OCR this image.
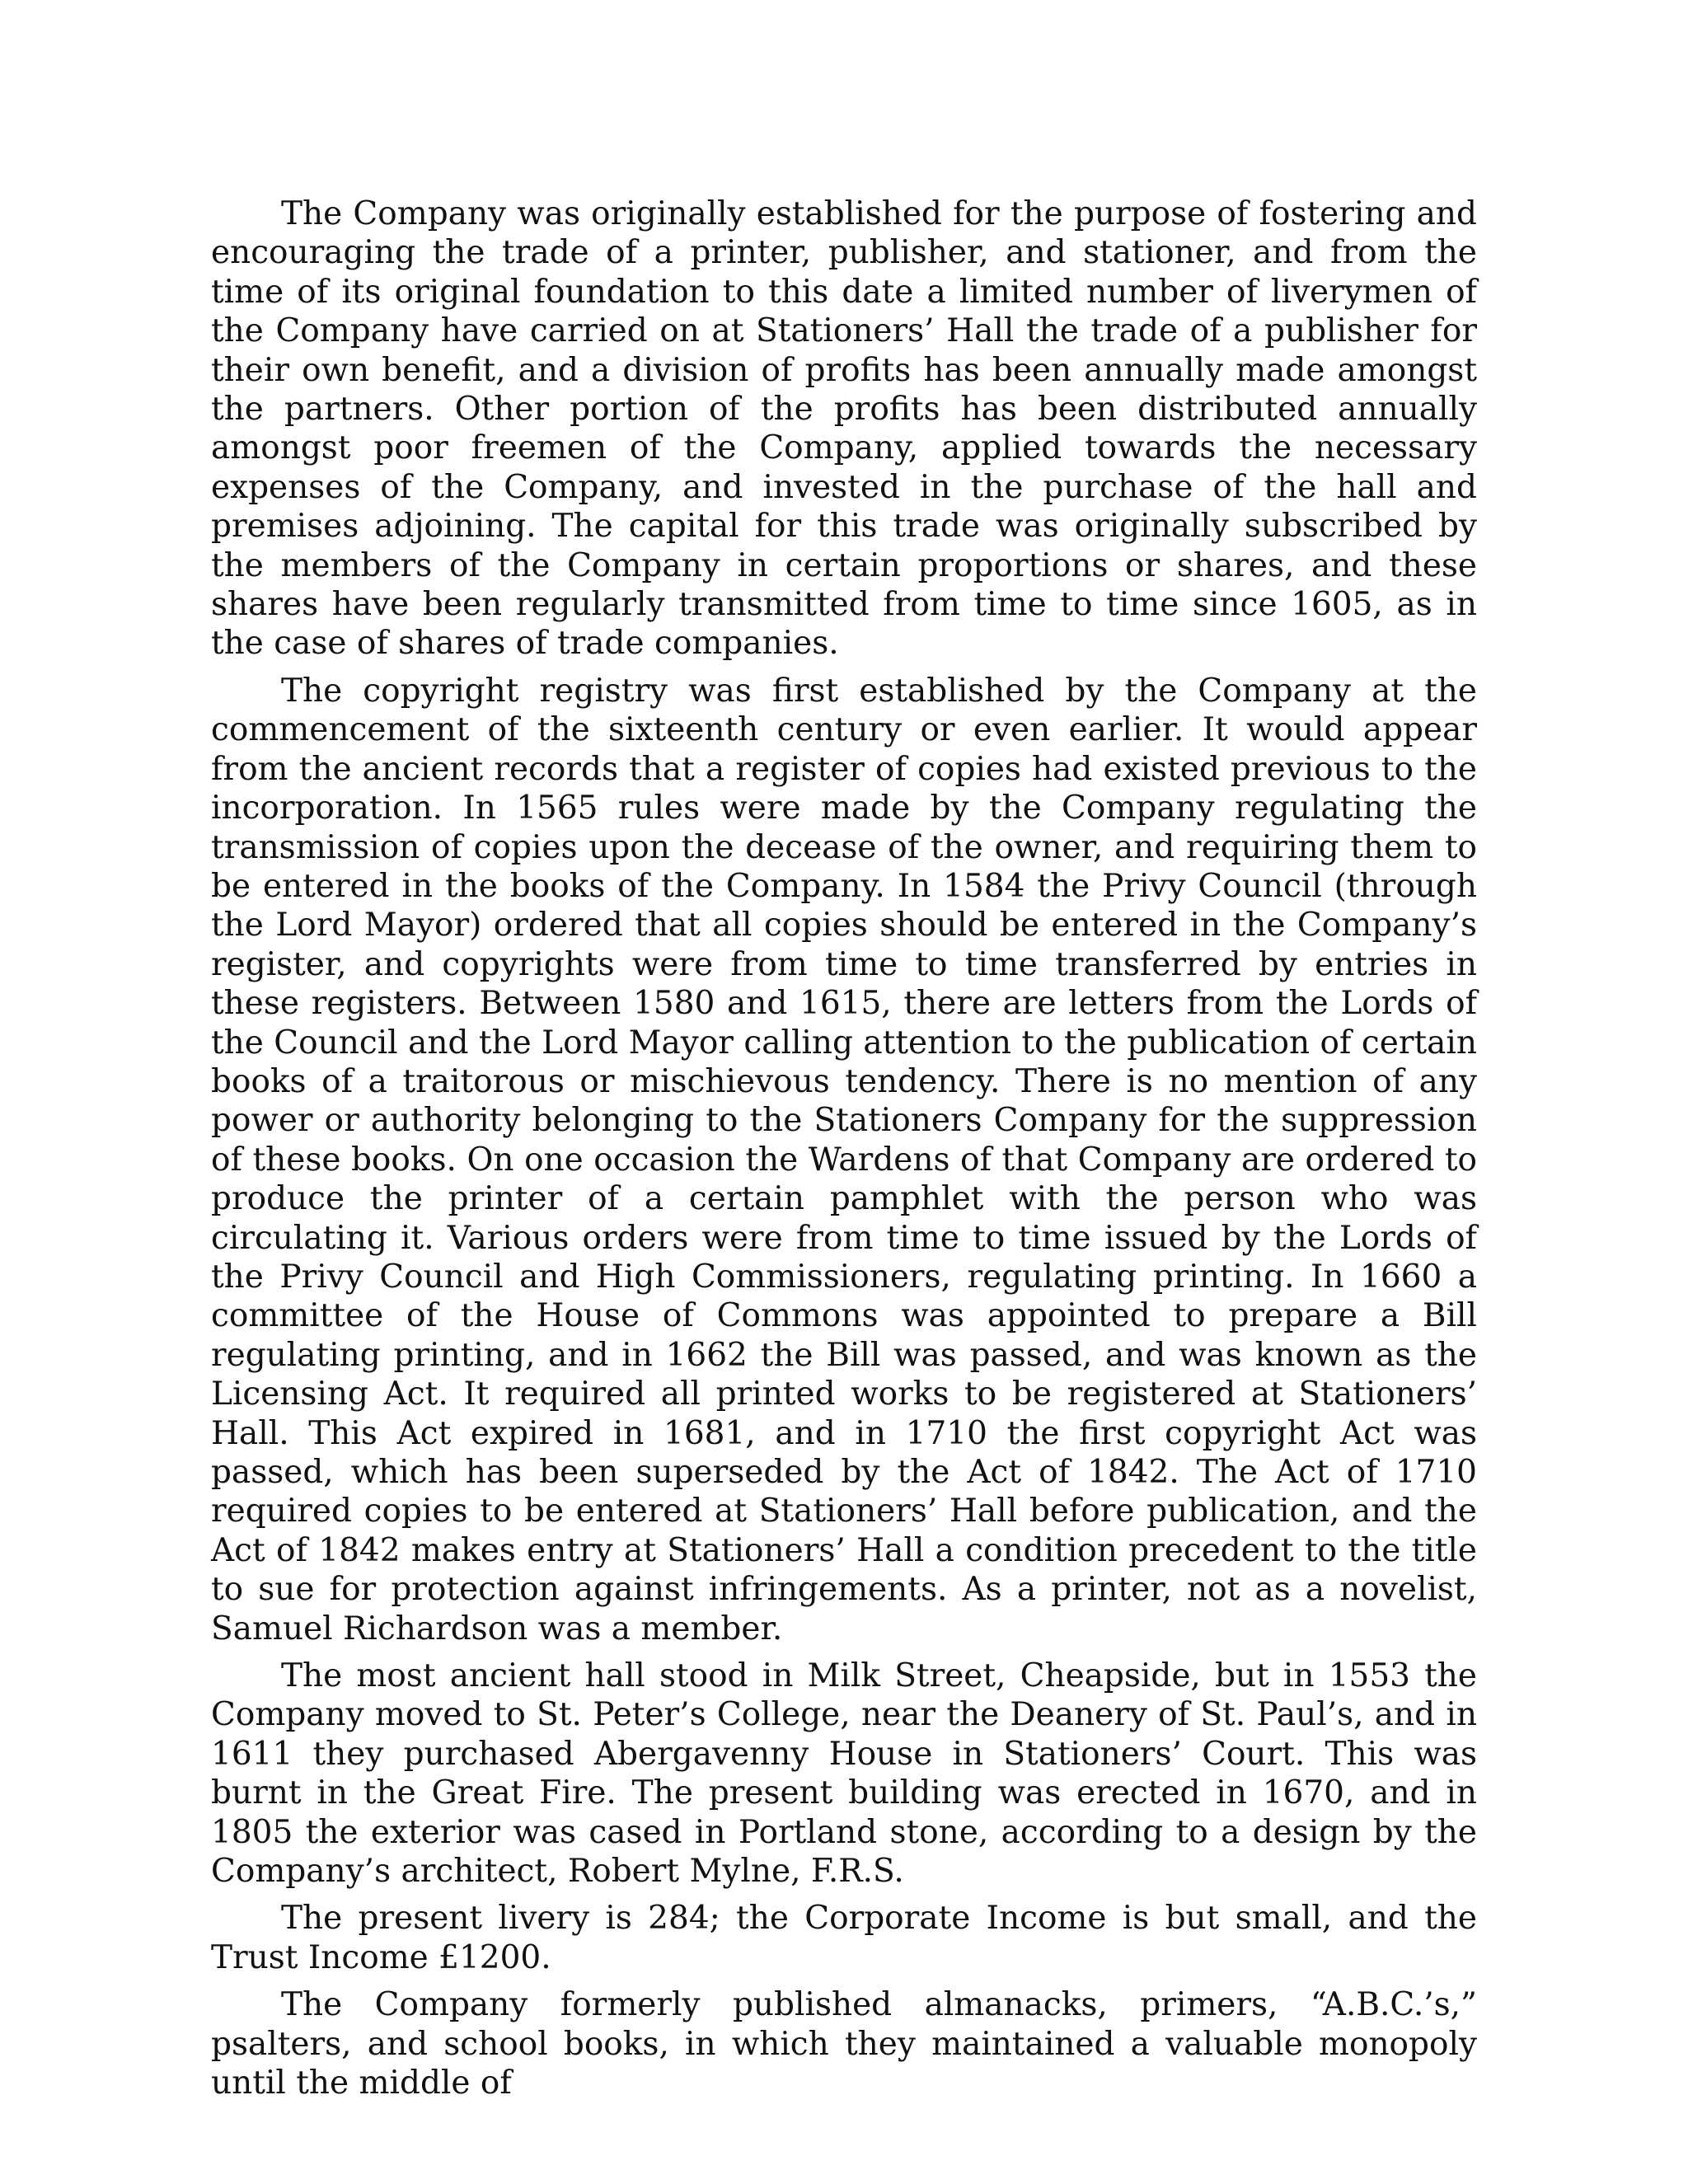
The Company was originally established for the purpose of fostering and encouraging the trade of a printer, publisher, and stationer, and from the time of its original foundation to this date a limited number of liverymen of the Company have carried on at Stationers’ Hall the trade of a publisher for their own benefit, and a division of profits has been annually made amongst the partners. Other portion of the profits has been distributed annually amongst poor freemen of the Company, applied towards the necessary expenses of the Company, and invested in the purchase of the hall and premises adjoining. The capital for this trade was originally subscribed by the members of the Company in certain proportions or shares, and these shares have been regularly transmitted from time to time since 1605, as in the case of shares of trade companies.

The copyright registry was first established by the Company at the commencement of the sixteenth century or even earlier. It would appear from the ancient records that a register of copies had existed previous to the incorporation. In 1565 rules were made by the Company regulating the transmission of copies upon the decease of the owner, and requiring them to be entered in the books of the Company. In 1584 the Privy Council (through the Lord Mayor) ordered that all copies should be entered in the Company’s register, and copyrights were from time to time transferred by entries in these registers. Between 1580 and 1615, there are letters from the Lords of the Council and the Lord Mayor calling attention to the publication of certain books of a traitorous or mischievous tendency. There is no mention of any power or authority belonging to the Stationers Company for the suppression of these books. On one occasion the Wardens of that Company are ordered to produce the printer of a certain pamphlet with the person who was circulating it. Various orders were from time to time issued by the Lords of the Privy Council and High Commissioners, regulating printing. In 1660 a committee of the House of Commons was appointed to prepare a Bill regulating printing, and in 1662 the Bill was passed, and was known as the Licensing Act. It required all printed works to be registered at Stationers’ Hall. This Act expired in 1681, and in 1710 the first copyright Act was passed, which has been superseded by the Act of 1842. The Act of 1710 required copies to be entered at Stationers’ Hall before publication, and the Act of 1842 makes entry at Stationers’ Hall a condition precedent to the title to sue for protection against infringements. As a printer, not as a novelist, Samuel Richardson was a member.

The most ancient hall stood in Milk Street, Cheapside, but in 1553 the Company moved to St. Peter’s College, near the Deanery of St. Paul’s, and in 1611 they purchased Abergavenny House in Stationers’ Court. This was burnt in the Great Fire. The present building was erected in 1670, and in 1805 the exterior was cased in Portland stone, according to a design by the Company’s architect, Robert Mylne, F.R.S.

The present livery is 284; the Corporate Income is but small, and the Trust Income £1200.

The Company formerly published almanacks, primers, “A.B.C.’s,” psalters, and school books, in which they maintained a valuable monopoly until the middle of
